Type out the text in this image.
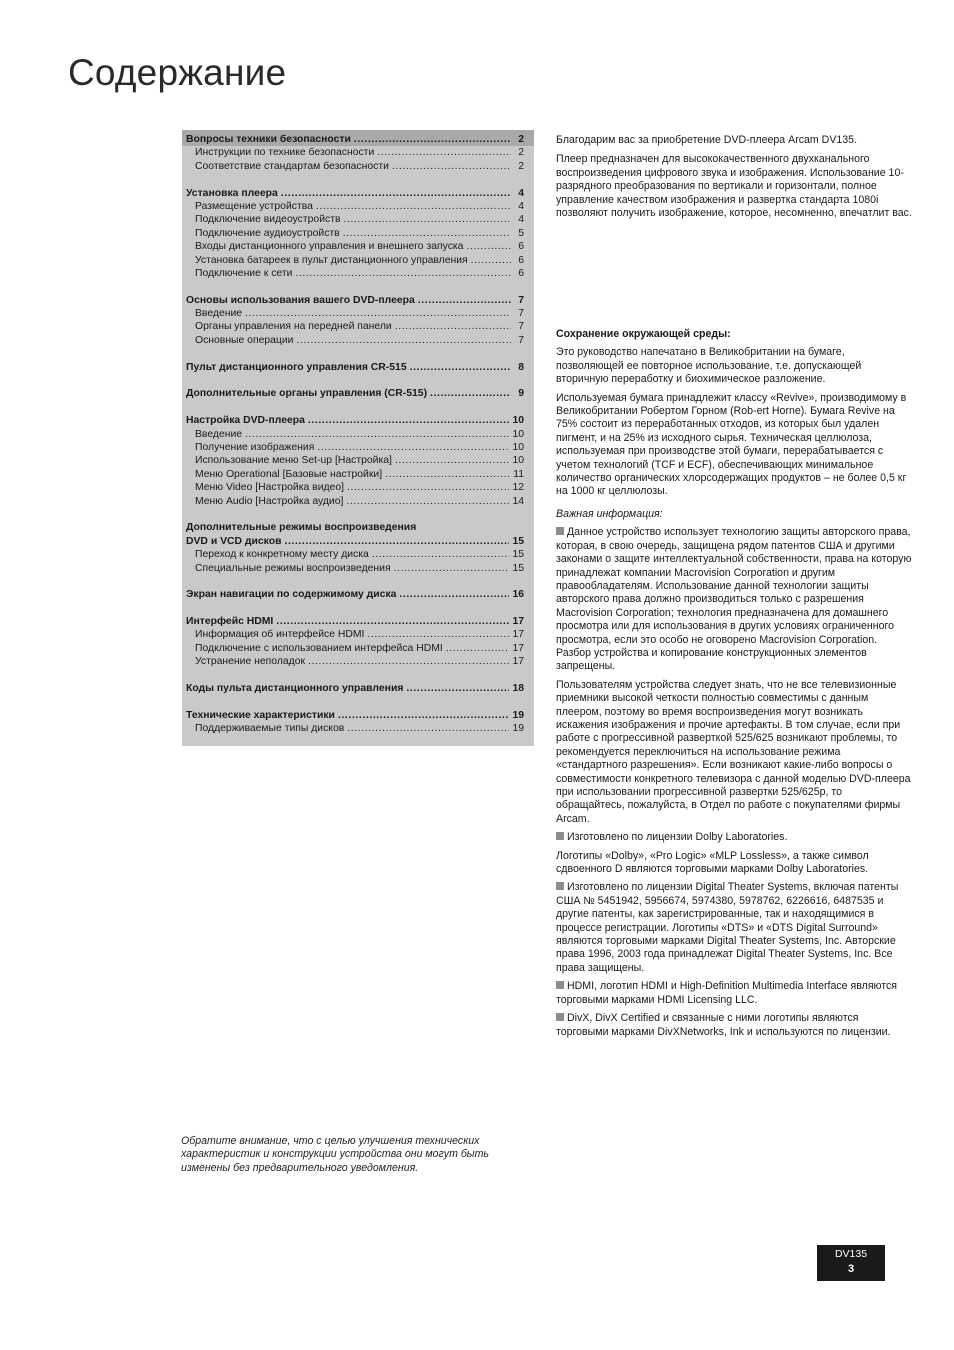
Содержание
Вопросы техники безопасности .....	2
Инструкции по технике безопасности .....	2
Соответствие стандартам безопасности .....	2
Установка плеера .....	4
Размещение устройства .....	4
Подключение видеоустройств .....	4
Подключение аудиоустройств .....	5
Входы дистанционного управления и внешнего запуска .....	6
Установка батареек в пульт дистанционного управления .....	6
Подключение к сети .....	6
Основы использования вашего DVD-плеера .....	7
Введение .....	7
Органы управления на передней панели .....	7
Основные операции .....	7
Пульт дистанционного управления CR-515 .....	8
Дополнительные органы управления (CR-515) .....	9
Настройка DVD-плеера .....	10
Введение .....	10
Получение изображения .....	10
Использование меню Set-up [Настройка] .....	10
Меню Operational [Базовые настройки] .....	11
Меню Video [Настройка видео] .....	12
Меню Audio [Настройка аудио] .....	14
Дополнительные режимы воспроизведения
DVD и VCD дисков .....	15
Переход к конкретному месту диска .....	15
Специальные режимы воспроизведения .....	15
Экран навигации по содержимому диска .....	16
Интерфейс HDMI .....	17
Информация об интерфейсе HDMI .....	17
Подключение с использованием интерфейса HDMI .....	17
Устранение неполадок .....	17
Коды пульта дистанционного управления .....	18
Технические характеристики .....	19
Поддерживаемые типы дисков .....	19

Благодарим вас за приобретение DVD-плеера Arcam DV135.

Плеер предназначен для высококачественного двухканального воспроизведения цифрового звука и изображения. Использование 10-разрядного преобразования по вертикали и горизонтали, полное управление качеством изображения и развертка стандарта 1080i позволяют получить изображение, которое, несомненно, впечатлит вас.

Сохранение окружающей среды:

Это руководство напечатано в Великобритании на бумаге, позволяющей ее повторное использование, т.е. допускающей вторичную переработку и биохимическое разложение.

Используемая бумага принадлежит классу «Revive», производимому в Великобритании Робертом Горном (Rob-ert Horne). Бумага Revive на 75% состоит из переработанных отходов, из которых был удален пигмент, и на 25% из исходного сырья. Техническая целлюлоза, используемая при производстве этой бумаги, перерабатывается с учетом технологий (TCF и ECF), обеспечивающих минимальное количество органических хлорсодержащих продуктов – не более 0,5 кг на 1000 кг целлюлозы.

Важная информация:

Данное устройство использует технологию защиты авторского права, которая, в свою очередь, защищена рядом патентов США и другими законами о защите интеллектуальной собственности, права на которую принадлежат компании Macrovision Corporation и другим правообладателям. Использование данной технологии защиты авторского права должно производиться только с разрешения Macrovision Corporation; технология предназначена для домашнего просмотра или для использования в других условиях ограниченного просмотра, если это особо не оговорено Macrovision Corporation. Разбор устройства и копирование конструкционных элементов запрещены.

Пользователям устройства следует знать, что не все телевизионные приемники высокой четкости полностью совместимы с данным плеером, поэтому во время воспроизведения могут возникать искажения изображения и прочие артефакты. В том случае, если при работе с прогрессивной разверткой 525/625 возникают проблемы, то рекомендуется переключиться на использование режима «стандартного разрешения». Если возникают какие-либо вопросы о совместимости конкретного телевизора с данной моделью DVD-плеера при использовании прогрессивной развертки 525/625р, то обращайтесь, пожалуйста, в Отдел по работе с покупателями фирмы Arcam.

Изготовлено по лицензии Dolby Laboratories.

Логотипы «Dolby», «Pro Logic» «MLP Lossless», а также символ сдвоенного D являются торговыми марками Dolby Laboratories.

Изготовлено по лицензии Digital Theater Systems, включая патенты США № 5451942, 5956674, 5974380, 5978762, 6226616, 6487535 и другие патенты, как зарегистрированные, так и находящимися в процессе регистрации. Логотипы «DTS» и «DTS Digital Surround» являются торговыми марками Digital Theater Systems, Inc. Авторские права 1996, 2003 года принадлежат Digital Theater Systems, Inc. Все права защищены.

HDMI, логотип HDMI и High-Definition Multimedia Interface являются торговыми марками HDMI Licensing LLC.

DivX, DivX Certified и связанные с ними логотипы являются торговыми марками DivXNetworks, Ink и используются по лицензии.

Обратите внимание, что с целью улучшения технических характеристик и конструкции устройства они могут быть изменены без предварительного уведомления.
DV135
3
